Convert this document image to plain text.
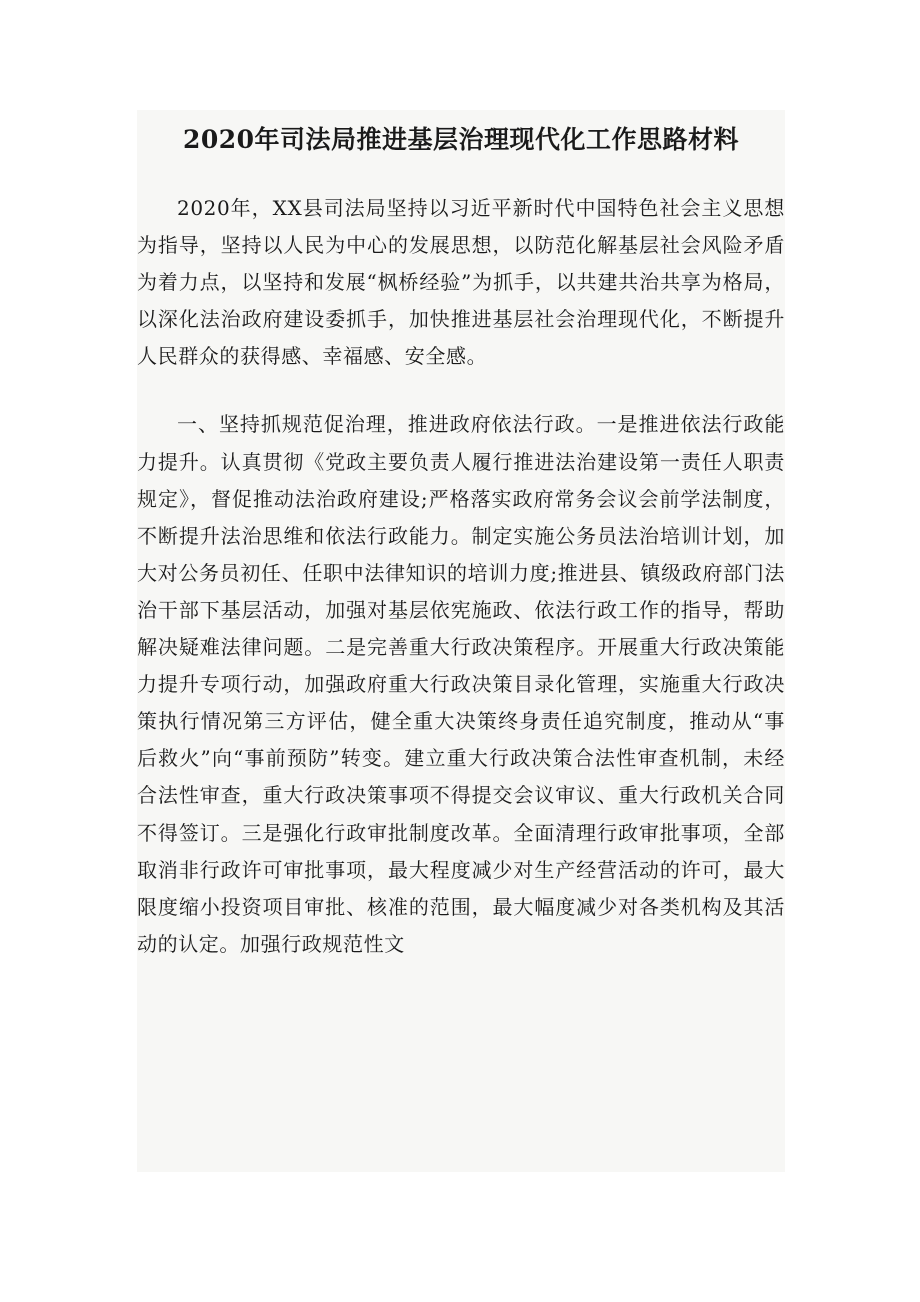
2020年司法局推进基层治理现代化工作思路材料

2020年，XX县司法局坚持以习近平新时代中国特色社会主义思想为指导，坚持以人民为中心的发展思想，以防范化解基层社会风险矛盾为着力点，以坚持和发展“枫桥经验”为抓手，以共建共治共享为格局，以深化法治政府建设委抓手，加快推进基层社会治理现代化，不断提升人民群众的获得感、幸福感、安全感。

一、坚持抓规范促治理，推进政府依法行政。一是推进依法行政能力提升。认真贯彻《党政主要负责人履行推进法治建设第一责任人职责规定》，督促推动法治政府建设;严格落实政府常务会议会前学法制度，不断提升法治思维和依法行政能力。制定实施公务员法治培训计划，加大对公务员初任、任职中法律知识的培训力度;推进县、镇级政府部门法治干部下基层活动，加强对基层依宪施政、依法行政工作的指导，帮助解决疑难法律问题。二是完善重大行政决策程序。开展重大行政决策能力提升专项行动，加强政府重大行政决策目录化管理，实施重大行政决策执行情况第三方评估，健全重大决策终身责任追究制度，推动从“事后救火”向“事前预防”转变。建立重大行政决策合法性审查机制，未经合法性审查，重大行政决策事项不得提交会议审议、重大行政机关合同不得签订。三是强化行政审批制度改革。全面清理行政审批事项，全部取消非行政许可审批事项，最大程度减少对生产经营活动的许可，最大限度缩小投资项目审批、核准的范围，最大幅度减少对各类机构及其活动的认定。加强行政规范性文
